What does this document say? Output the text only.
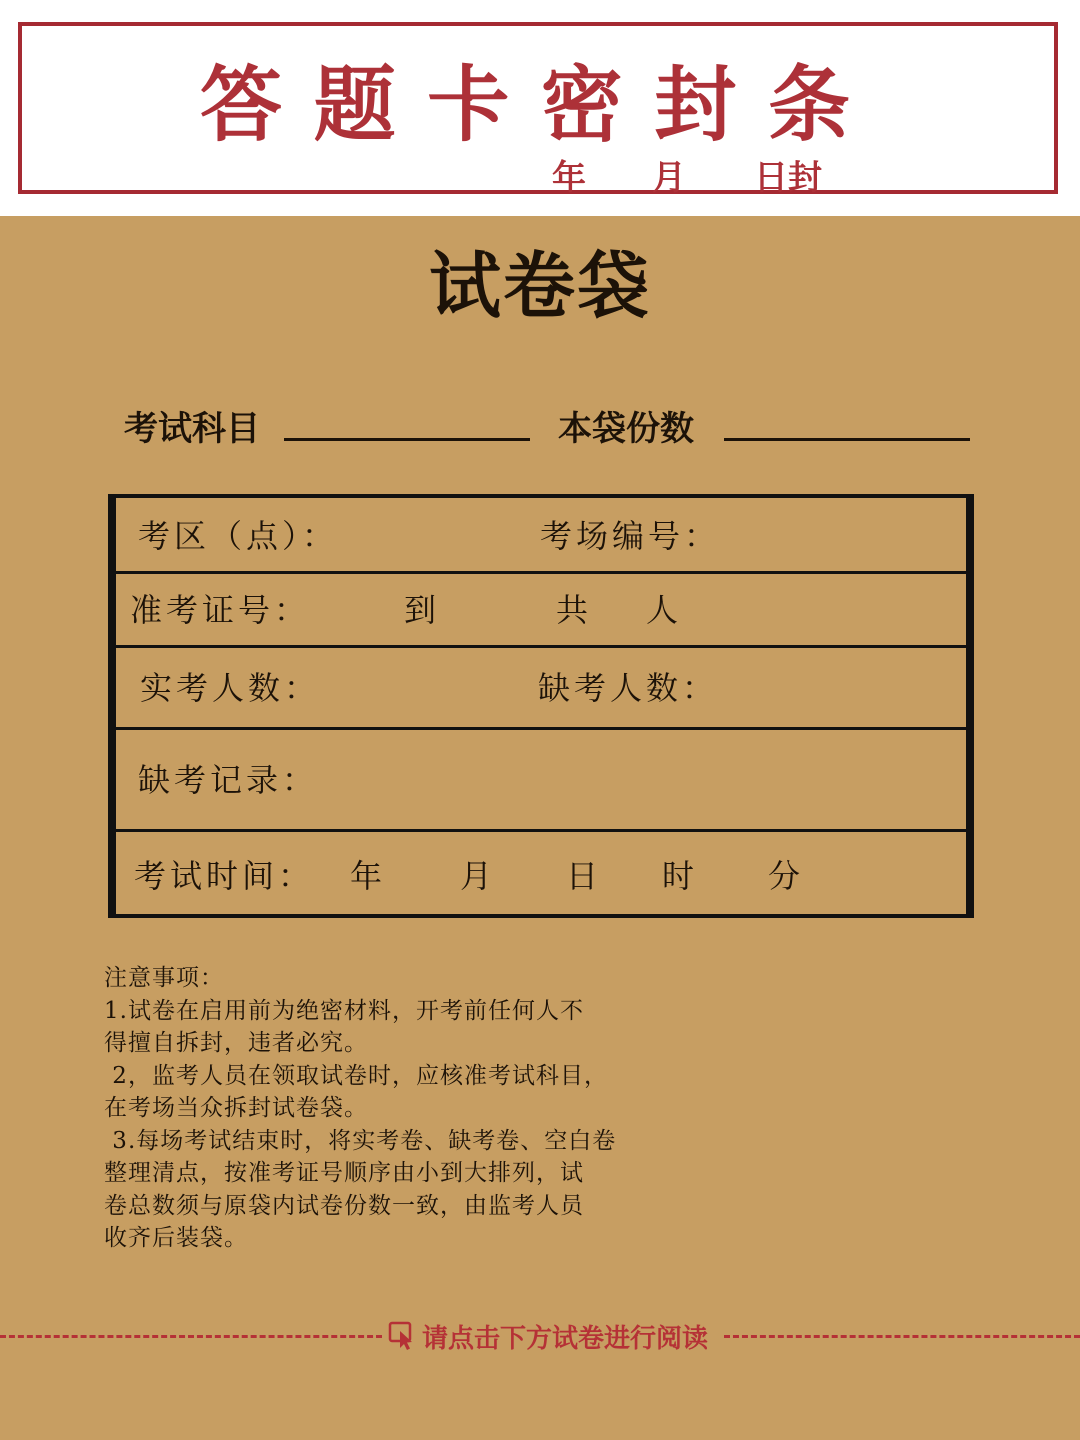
答 题 卡 密 封 条
年 月 日封
试卷袋
考试科目	本袋份数
考区（点）：	考场编号：
准考证号：	到	共 人
实考人数：	缺考人数：
缺考记录：
考试时间： 年 月 日 时 分
注意事项：
1.试卷在启用前为绝密材料，开考前任何人不
得擅自拆封，违者必究。
2，监考人员在领取试卷时，应核准考试科目，
在考场当众拆封试卷袋。
3.每场考试结束时，将实考卷、缺考卷、空白卷
整理清点，按准考证号顺序由小到大排列，试
卷总数须与原袋内试卷份数一致，由监考人员
收齐后装袋。
请点击下方试卷进行阅读
